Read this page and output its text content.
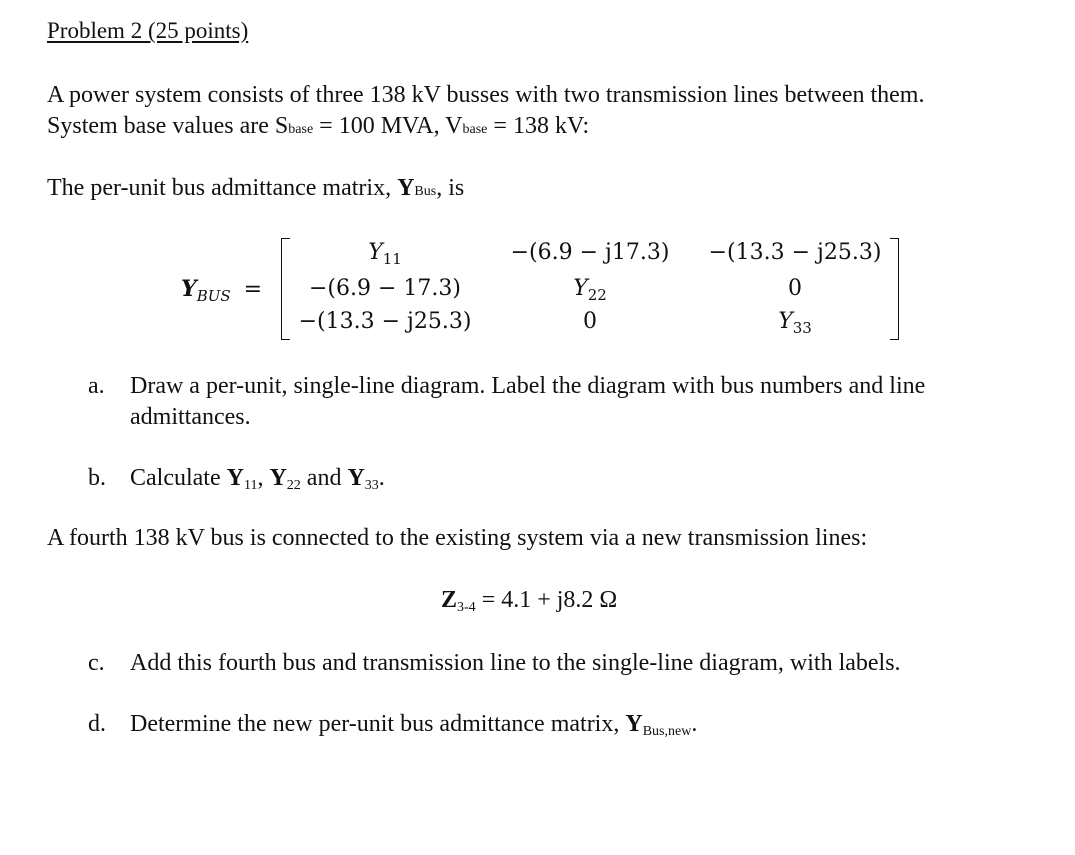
Problem 2 (25 points)
A power system consists of three 138 kV busses with two transmission lines between them.
System base values are Sbase = 100 MVA, Vbase = 138 kV:
The per-unit bus admittance matrix, YBus, is
$Y_{BUS}$ =
$Y_{11}$	−(6.9 − j17.3)	−(13.3 − j25.3)
−(6.9 − 17.3)	$Y_{22}$	0
−(13.3 − j25.3)	0	$Y_{33}$
a. Draw a per-unit, single-line diagram. Label the diagram with bus numbers and line
admittances.
b. Calculate Y11, Y22 and Y33.
A fourth 138 kV bus is connected to the existing system via a new transmission lines:
Z3-4 = 4.1 + j8.2 Ω
c. Add this fourth bus and transmission line to the single-line diagram, with labels.
d. Determine the new per-unit bus admittance matrix, YBus,new.
